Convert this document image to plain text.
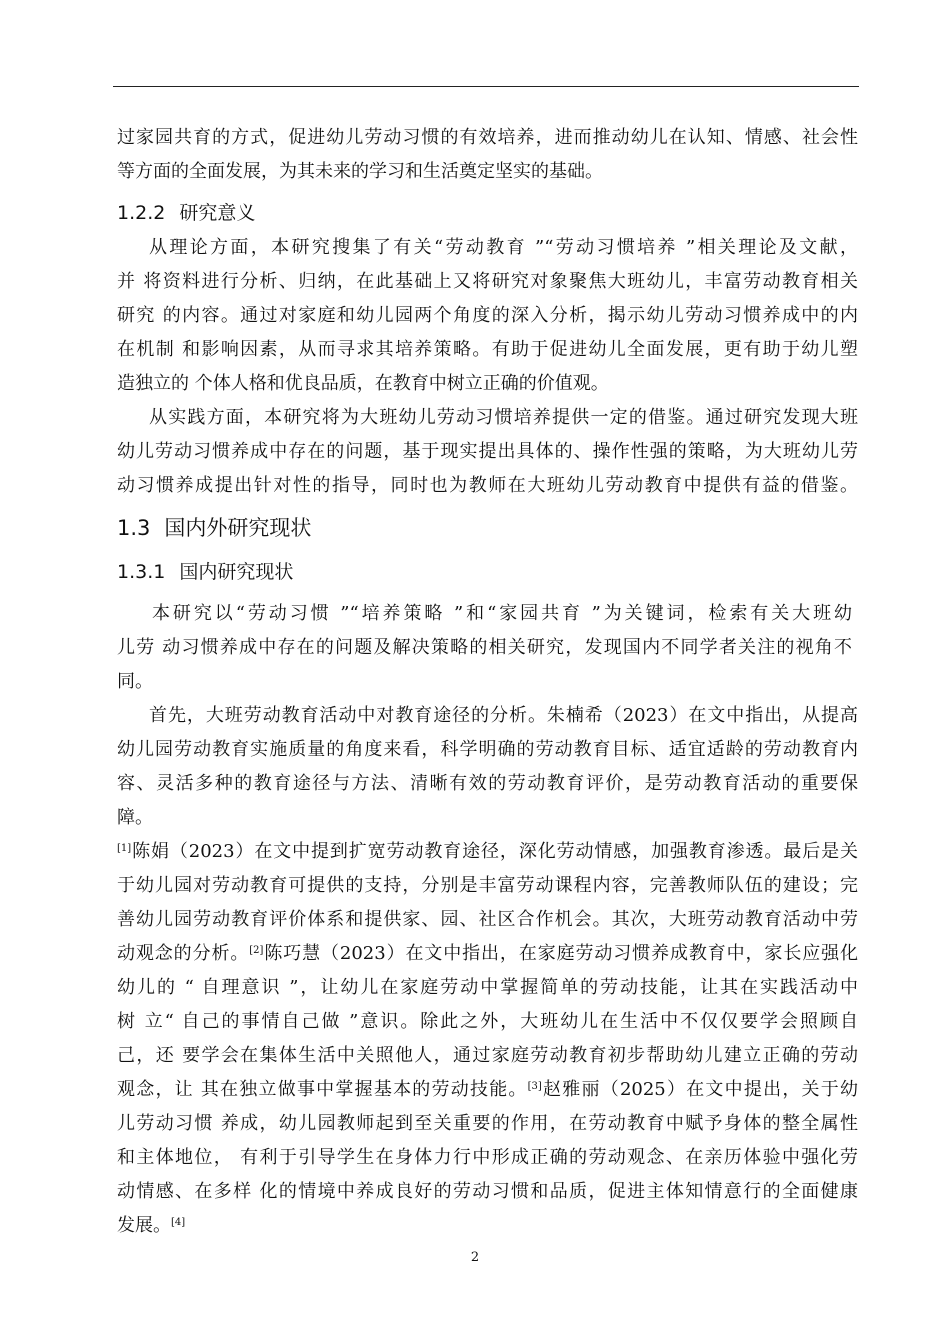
过家园共育的方式，促进幼儿劳动习惯的有效培养，进而推动幼儿在认知、情感、社会性
等方面的全面发展，为其未来的学习和生活奠定坚实的基础。
1.2.2 研究意义
从理论方面，本研究搜集了有关“劳动教育 ”“劳动习惯培养 ”相关理论及文献，
并 将资料进行分析、归纳，在此基础上又将研究对象聚焦大班幼儿，丰富劳动教育相关
研究 的内容。通过对家庭和幼儿园两个角度的深入分析，揭示幼儿劳动习惯养成中的内
在机制 和影响因素，从而寻求其培养策略。有助于促进幼儿全面发展，更有助于幼儿塑
造独立的 个体人格和优良品质，在教育中树立正确的价值观。
从实践方面，本研究将为大班幼儿劳动习惯培养提供一定的借鉴。通过研究发现大班
幼儿劳动习惯养成中存在的问题，基于现实提出具体的、操作性强的策略，为大班幼儿劳
动习惯养成提出针对性的指导，同时也为教师在大班幼儿劳动教育中提供有益的借鉴。
1.3 国内外研究现状
1.3.1 国内研究现状
本研究以“劳动习惯 ”“培养策略 ”和“家园共育 ”为关键词，检索有关大班幼
儿劳 动习惯养成中存在的问题及解决策略的相关研究，发现国内不同学者关注的视角不
同。
首先，大班劳动教育活动中对教育途径的分析。朱楠希（2023）在文中指出，从提高
幼儿园劳动教育实施质量的角度来看，科学明确的劳动教育目标、适宜适龄的劳动教育内
容、灵活多种的教育途径与方法、清晰有效的劳动教育评价，是劳动教育活动的重要保
障。
[1]陈娟（2023）在文中提到扩宽劳动教育途径，深化劳动情感，加强教育渗透。最后是关
于幼儿园对劳动教育可提供的支持，分别是丰富劳动课程内容，完善教师队伍的建设；完
善幼儿园劳动教育评价体系和提供家、园、社区合作机会。其次，大班劳动教育活动中劳
动观念的分析。[2]陈巧慧（2023）在文中指出，在家庭劳动习惯养成教育中，家长应强化
幼儿的 “ 自理意识 ”，让幼儿在家庭劳动中掌握简单的劳动技能，让其在实践活动中
树 立“ 自己的事情自己做 ”意识。除此之外，大班幼儿在生活中不仅仅要学会照顾自
己，还 要学会在集体生活中关照他人，通过家庭劳动教育初步帮助幼儿建立正确的劳动
观念，让 其在独立做事中掌握基本的劳动技能。[3]赵雅丽（2025）在文中提出，关于幼
儿劳动习惯 养成，幼儿园教师起到至关重要的作用，在劳动教育中赋予身体的整全属性
和主体地位， 有利于引导学生在身体力行中形成正确的劳动观念、在亲历体验中强化劳
动情感、在多样 化的情境中养成良好的劳动习惯和品质，促进主体知情意行的全面健康
发展。[4]
2
